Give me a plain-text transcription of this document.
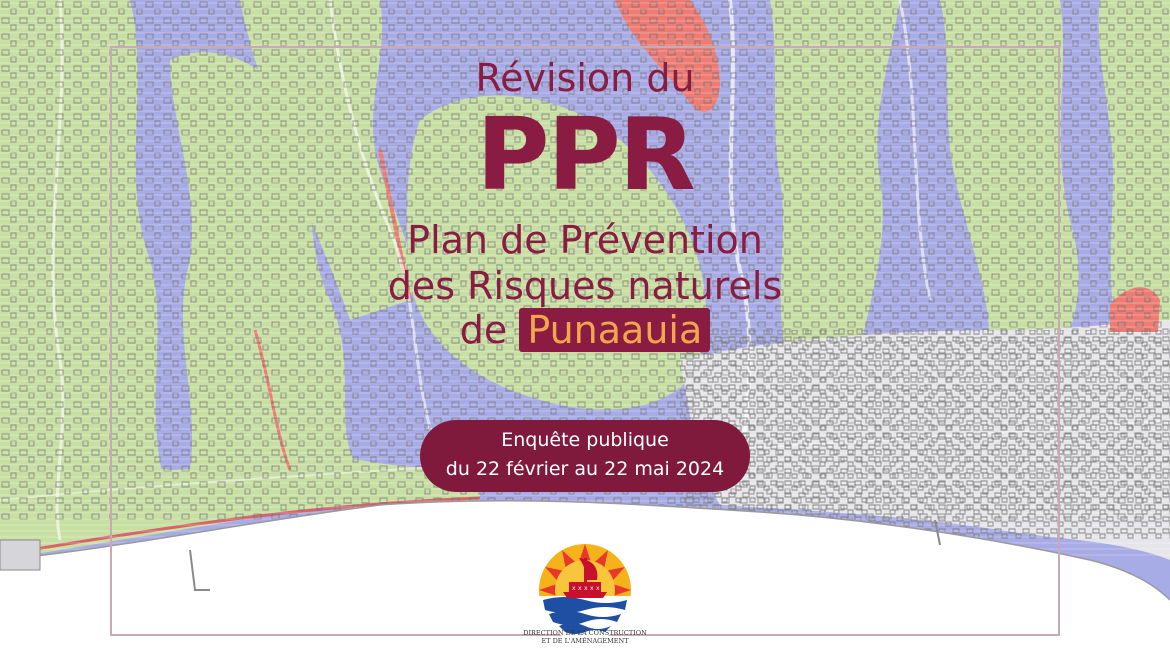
Révision du
PPR
Plan de Prévention
des Risques naturels
de Punaauia
Enquête publique
du 22 février au 22 mai 2024
x x x x x
DIRECTION DE LA CONSTRUCTION
ET DE L'AMÉNAGEMENT
